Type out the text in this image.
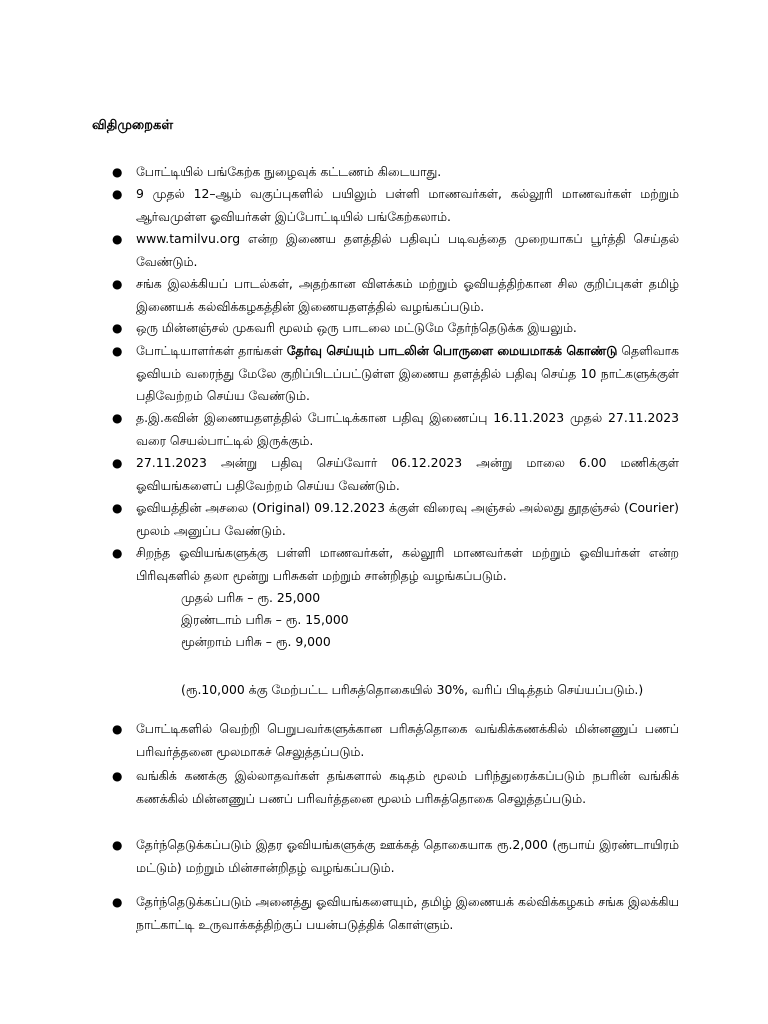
விதிமுறைகள்
● போட்டியில் பங்கேற்க நுழைவுக் கட்டணம் கிடையாது.
● 9 முதல் 12–ஆம் வகுப்புகளில் பயிலும் பள்ளி மாணவர்கள், கல்லூரி மாணவர்கள் மற்றும் ஆர்வமுள்ள ஓவியர்கள் இப்போட்டியில் பங்கேற்கலாம்.
● www.tamilvu.org என்ற இணைய தளத்தில் பதிவுப் படிவத்தை முறையாகப் பூர்த்தி செய்தல் வேண்டும்.
● சங்க இலக்கியப் பாடல்கள், அதற்கான விளக்கம் மற்றும் ஓவியத்திற்கான சில குறிப்புகள் தமிழ் இணையக் கல்விக்கழகத்தின் இணையதளத்தில் வழங்கப்படும்.
● ஒரு மின்னஞ்சல் முகவரி மூலம் ஒரு பாடலை மட்டுமே தேர்ந்தெடுக்க இயலும்.
● போட்டியாளர்கள் தாங்கள் தேர்வு செய்யும் பாடலின் பொருளை மையமாகக் கொண்டு தெளிவாக ஓவியம் வரைந்து மேலே குறிப்பிடப்பட்டுள்ள இணைய தளத்தில் பதிவு செய்த 10 நாட்களுக்குள் பதிவேற்றம் செய்ய வேண்டும்.
● த.இ.கவின் இணையதளத்தில் போட்டிக்கான பதிவு இணைப்பு 16.11.2023 முதல் 27.11.2023 வரை செயல்பாட்டில் இருக்கும்.
● 27.11.2023 அன்று பதிவு செய்வோர் 06.12.2023 அன்று மாலை 6.00 மணிக்குள் ஓவியங்களைப் பதிவேற்றம் செய்ய வேண்டும்.
● ஓவியத்தின் அசலை (Original) 09.12.2023 க்குள் விரைவு அஞ்சல் அல்லது தூதஞ்சல் (Courier) மூலம் அனுப்ப வேண்டும்.
● சிறந்த ஓவியங்களுக்கு பள்ளி மாணவர்கள், கல்லூரி மாணவர்கள் மற்றும் ஓவியர்கள் என்ற பிரிவுகளில் தலா மூன்று பரிசுகள் மற்றும் சான்றிதழ் வழங்கப்படும்.
● போட்டிகளில் வெற்றி பெறுபவர்களுக்கான பரிசுத்தொகை வங்கிக்கணக்கில் மின்னணுப் பணப் பரிவர்த்தனை மூலமாகச் செலுத்தப்படும்.
● வங்கிக் கணக்கு இல்லாதவர்கள் தங்களால் கடிதம் மூலம் பரிந்துரைக்கப்படும் நபரின் வங்கிக் கணக்கில் மின்னணுப் பணப் பரிவர்த்தனை மூலம் பரிசுத்தொகை செலுத்தப்படும்.
● தேர்ந்தெடுக்கப்படும் இதர ஓவியங்களுக்கு ஊக்கத் தொகையாக ரூ.2,000 (ரூபாய் இரண்டாயிரம் மட்டும்) மற்றும் மின்சான்றிதழ் வழங்கப்படும்.
● தேர்ந்தெடுக்கப்படும் அனைத்து ஓவியங்களையும், தமிழ் இணையக் கல்விக்கழகம் சங்க இலக்கிய நாட்காட்டி உருவாக்கத்திற்குப் பயன்படுத்திக் கொள்ளும்.
முதல் பரிசு – ரூ. 25,000
இரண்டாம் பரிசு – ரூ. 15,000
மூன்றாம் பரிசு – ரூ. 9,000
(ரூ.10,000 க்கு மேற்பட்ட பரிசுத்தொகையில் 30%, வரிப் பிடித்தம் செய்யப்படும்.)
